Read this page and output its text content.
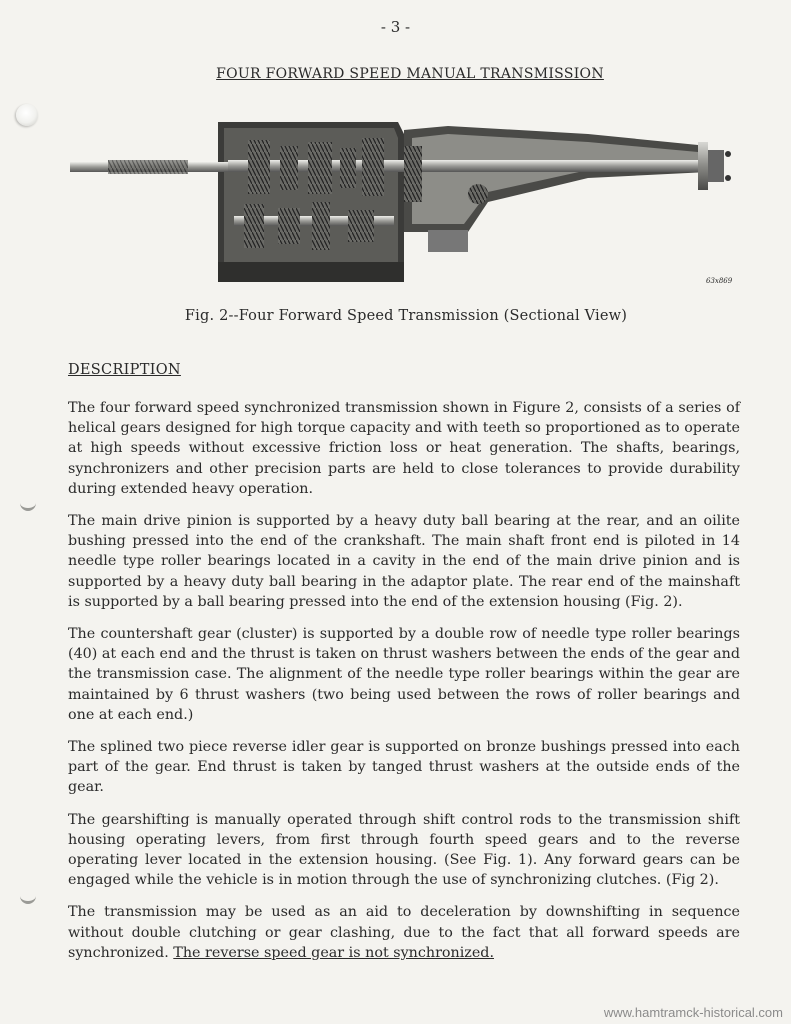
- 3 -
FOUR FORWARD SPEED MANUAL TRANSMISSION
63x869
Fig. 2--Four Forward Speed Transmission (Sectional View)
DESCRIPTION

The four forward speed synchronized transmission shown in Figure 2, consists of a series of helical gears designed for high torque capacity and with teeth so proportioned as to operate at high speeds without excessive friction loss or heat generation. The shafts, bearings, synchronizers and other precision parts are held to close tolerances to provide durability during extended heavy operation.

The main drive pinion is supported by a heavy duty ball bearing at the rear, and an oilite bushing pressed into the end of the crankshaft. The main shaft front end is piloted in 14 needle type roller bearings located in a cavity in the end of the main drive pinion and is supported by a heavy duty ball bearing in the adaptor plate. The rear end of the mainshaft is supported by a ball bearing pressed into the end of the extension housing (Fig. 2).

The countershaft gear (cluster) is supported by a double row of needle type roller bearings (40) at each end and the thrust is taken on thrust washers between the ends of the gear and the transmission case. The alignment of the needle type roller bearings within the gear are maintained by 6 thrust washers (two being used between the rows of roller bearings and one at each end.)

The splined two piece reverse idler gear is supported on bronze bushings pressed into each part of the gear. End thrust is taken by tanged thrust washers at the outside ends of the gear.

The gearshifting is manually operated through shift control rods to the transmission shift housing operating levers, from first through fourth speed gears and to the reverse operating lever located in the extension housing. (See Fig. 1). Any forward gears can be engaged while the vehicle is in motion through the use of synchronizing clutches. (Fig 2).

The transmission may be used as an aid to deceleration by downshifting in sequence without double clutching or gear clashing, due to the fact that all forward speeds are synchronized. The reverse speed gear is not synchronized.

www.hamtramck-historical.com
